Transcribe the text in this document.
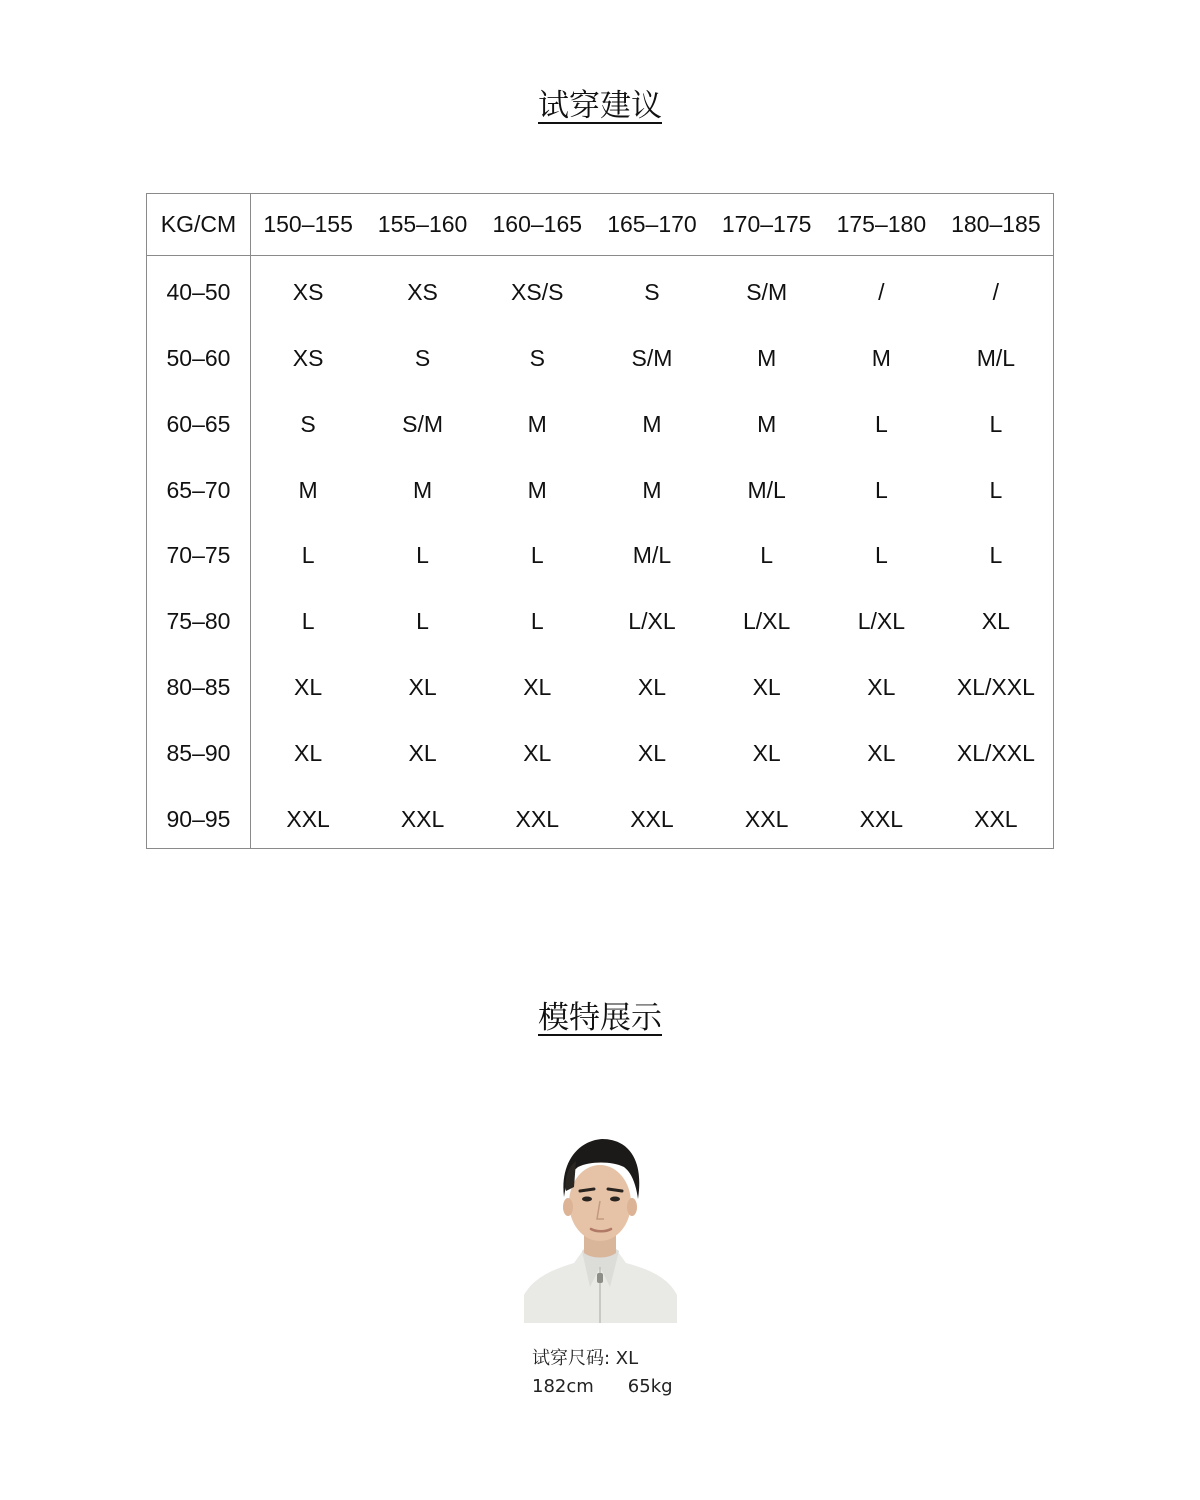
试穿建议
KG/CM	150–155	155–160	160–165	165–170	170–175	175–180	180–185
40–50	XS	XS	XS/S	S	S/M	/	/
50–60	XS	S	S	S/M	M	M	M/L
60–65	S	S/M	M	M	M	L	L
65–70	M	M	M	M	M/L	L	L
70–75	L	L	L	M/L	L	L	L
75–80	L	L	L	L/XL	L/XL	L/XL	XL
80–85	XL	XL	XL	XL	XL	XL	XL/XXL
85–90	XL	XL	XL	XL	XL	XL	XL/XXL
90–95	XXL	XXL	XXL	XXL	XXL	XXL	XXL
模特展示
试穿尺码: XL
182cm 65kg
